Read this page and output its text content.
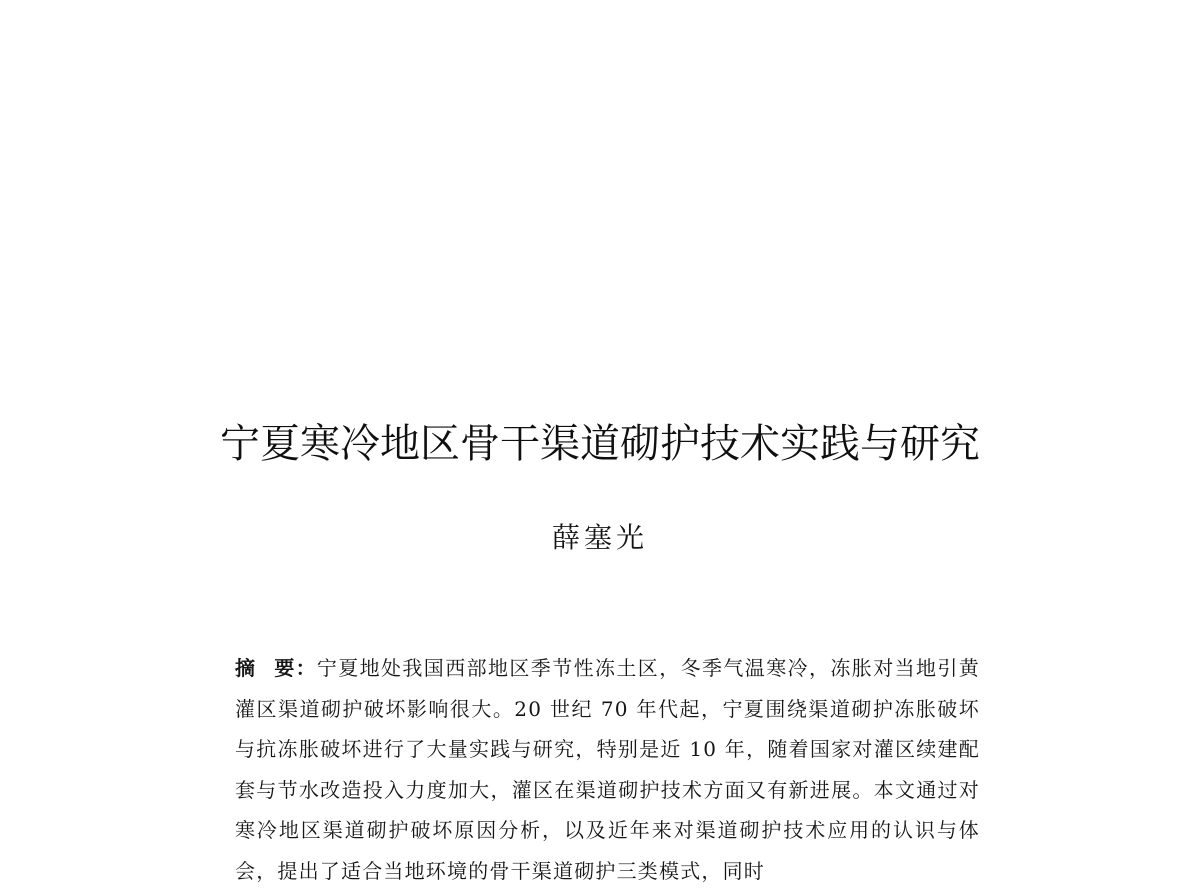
宁夏寒冷地区骨干渠道砌护技术实践与研究
薛塞光

摘 要：宁夏地处我国西部地区季节性冻土区，冬季气温寒冷，冻胀对当地引黄灌区渠道砌护破坏影响很大。20 世纪 70 年代起，宁夏围绕渠道砌护冻胀破坏与抗冻胀破坏进行了大量实践与研究，特别是近 10 年，随着国家对灌区续建配套与节水改造投入力度加大，灌区在渠道砌护技术方面又有新进展。本文通过对寒冷地区渠道砌护破坏原因分析，以及近年来对渠道砌护技术应用的认识与体会，提出了适合当地环境的骨干渠道砌护三类模式，同时
